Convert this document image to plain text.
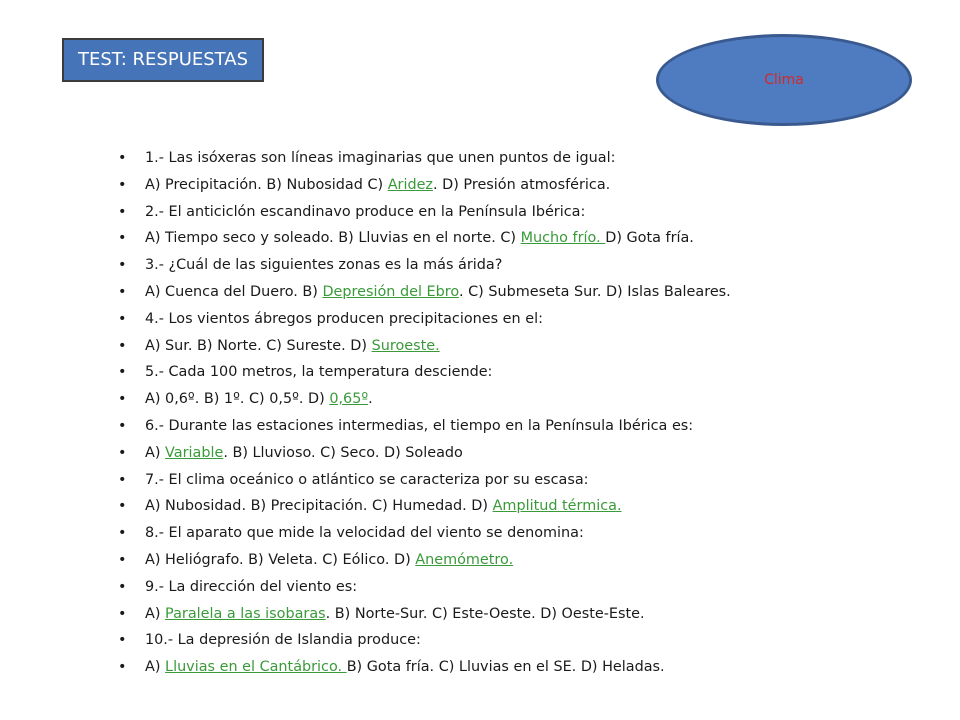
TEST: RESPUESTAS
Clima
• 1.- Las isóxeras son líneas imaginarias que unen puntos de igual:
• A) Precipitación. B) Nubosidad C) Aridez. D) Presión atmosférica.
• 2.- El anticiclón escandinavo produce en la Península Ibérica:
• A) Tiempo seco y soleado. B) Lluvias en el norte. C) Mucho frío. D) Gota fría.
• 3.- ¿Cuál de las siguientes zonas es la más árida?
• A) Cuenca del Duero. B) Depresión del Ebro. C) Submeseta Sur. D) Islas Baleares.
• 4.- Los vientos ábregos producen precipitaciones en el:
• A) Sur. B) Norte. C) Sureste. D) Suroeste.
• 5.- Cada 100 metros, la temperatura desciende:
• A) 0,6º. B) 1º. C) 0,5º. D) 0,65º.
• 6.- Durante las estaciones intermedias, el tiempo en la Península Ibérica es:
• A) Variable. B) Lluvioso. C) Seco. D) Soleado
• 7.- El clima oceánico o atlántico se caracteriza por su escasa:
• A) Nubosidad. B) Precipitación. C) Humedad. D) Amplitud térmica.
• 8.- El aparato que mide la velocidad del viento se denomina:
• A) Heliógrafo. B) Veleta. C) Eólico. D) Anemómetro.
• 9.- La dirección del viento es:
• A) Paralela a las isobaras. B) Norte-Sur. C) Este-Oeste. D) Oeste-Este.
• 10.- La depresión de Islandia produce:
• A) Lluvias en el Cantábrico. B) Gota fría. C) Lluvias en el SE. D) Heladas.
